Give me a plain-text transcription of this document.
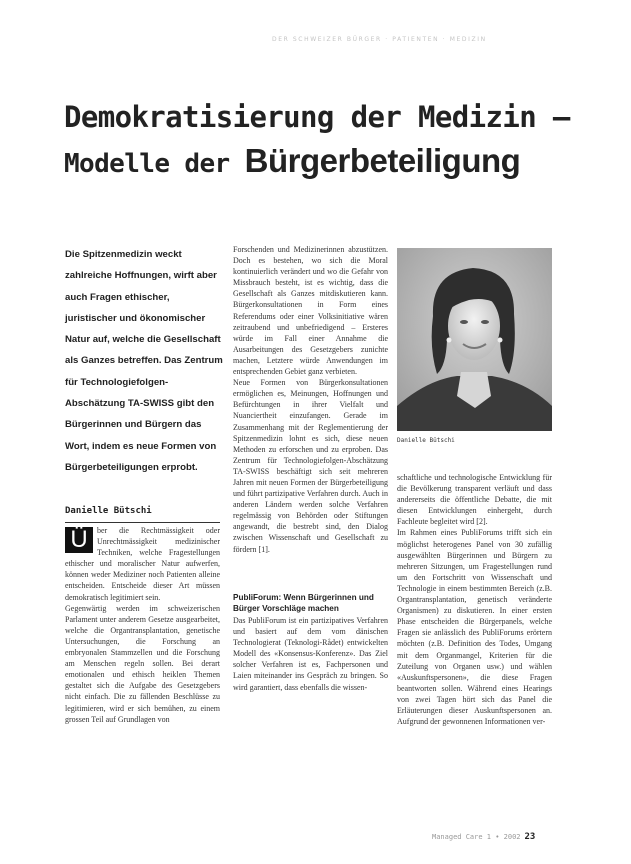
DER SCHWEIZER BÜRGER · PATIENTEN · MEDIZIN
Demokratisierung der Medizin –
Modelle der Bürgerbeteiligung

Die Spitzenmedizin weckt zahlreiche Hoffnungen, wirft aber auch Fragen ethischer, juristischer und ökonomischer Natur auf, welche die Gesellschaft als Ganzes betreffen. Das Zentrum für Technologiefolgen-Abschätzung TA-SWISS gibt den Bürgerinnen und Bürgern das Wort, indem es neue Formen von Bürgerbeteiligungen erprobt.

Danielle Bütschi
Ü	ber die Rechtmässigkeit oder Unrechtmässigkeit medizinischer Techniken, welche Fragestellungen ethischer und moralischer Natur aufwerfen, können weder Mediziner noch Patienten alleine entscheiden. Entscheide dieser Art müssen demokratisch legitimiert sein.

Gegenwärtig werden im schweizerischen Parlament unter anderem Gesetze ausgearbeitet, welche die Organtransplantation, genetische Untersuchungen, die Forschung an embryonalen Stammzellen und die Forschung am Menschen regeln sollen. Bei derart emotionalen und ethisch heiklen Themen gestaltet sich die Aufgabe des Gesetzgebers nicht einfach. Die zu fällenden Beschlüsse zu legitimieren, wird er sich bemühen, zu einem grossen Teil auf Grundlagen von

Forschenden und Medizinerinnen abzustützen. Doch es bestehen, wo sich die Moral kontinuierlich verändert und wo die Gefahr von Missbrauch besteht, ist es wichtig, dass die Gesellschaft als Ganzes mitdiskutieren kann. Bürgerkonsultationen in Form eines Referendums oder einer Volksinitiative wären zeitraubend und unbefriedigend – Ersteres würde im Fall einer Annahme die Ausarbeitungen des Gesetzgebers zunichte machen, Letztere würde Anwendungen im entsprechenden Gebiet ganz verbieten.

Neue Formen von Bürgerkonsultationen ermöglichen es, Meinungen, Hoffnungen und Befürchtungen in ihrer Vielfalt und Nuanciertheit einzufangen. Gerade im Zusammenhang mit der Reglementierung der Spitzenmedizin lohnt es sich, diese neuen Methoden zu erforschen und zu erproben. Das Zentrum für Technologiefolgen-Abschätzung TA-SWISS beschäftigt sich seit mehreren Jahren mit neuen Formen der Bürgerbeteiligung und führt partizipative Verfahren durch. Auch in anderen Ländern werden solche Verfahren regelmässig von Behörden oder Stiftungen angewandt, die bestrebt sind, den Dialog zwischen Wissenschaft und Gesellschaft zu fördern [1].

PubliForum: Wenn Bürgerinnen und Bürger Vorschläge machen

Das PubliForum ist ein partizipatives Verfahren und basiert auf dem vom dänischen Technologierat (Teknologi-Rådet) entwickelten Modell des «Konsensus-Konferenz». Das Ziel solcher Verfahren ist es, Fachpersonen und Laien miteinander ins Gespräch zu bringen. So wird garantiert, dass ebenfalls die wissen-

Danielle Bütschi

schaftliche und technologische Entwicklung für die Bevölkerung transparent verläuft und dass andererseits die öffentliche Debatte, die mit diesen Entwicklungen einhergeht, durch Fachleute begleitet wird [2].

Im Rahmen eines PubliForums trifft sich ein möglichst heterogenes Panel von 30 zufällig ausgewählten Bürgerinnen und Bürgern zu mehreren Sitzungen, um Fragestellungen rund um den Fortschritt von Wissenschaft und Technologie in einem bestimmten Bereich (z.B. Organtransplantation, genetisch veränderte Organismen) zu diskutieren. In einer ersten Phase entscheiden die Bürgerpanels, welche Fragen sie anlässlich des PubliForums erörtern möchten (z.B. Definition des Todes, Umgang mit dem Organmangel, Kriterien für die Zuteilung von Organen usw.) und wählen «Auskunftspersonen», die diese Fragen beantworten sollen. Während eines Hearings von zwei Tagen hört sich das Panel die Erläuterungen dieser Auskunftspersonen an. Aufgrund der gewonnenen Informationen ver-

Managed Care 1 • 2002 23
